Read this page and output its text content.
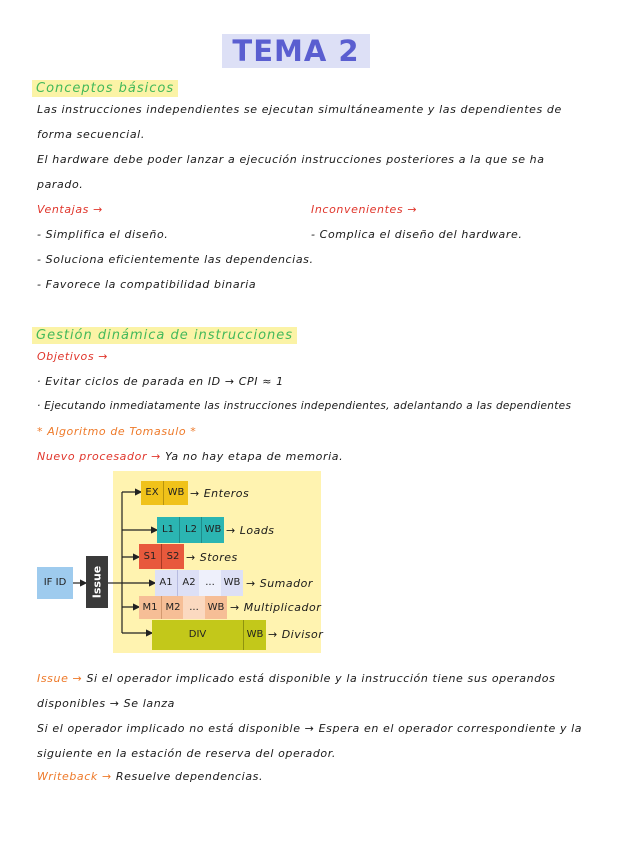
TEMA 2
Conceptos básicos
Las instrucciones independientes se ejecutan simultáneamente y las dependientes de
forma secuencial.
El hardware debe poder lanzar a ejecución instrucciones posteriores a la que se ha
parado.
Ventajas →
- Simplifica el diseño.
- Soluciona eficientemente las dependencias.
- Favorece la compatibilidad binaria
Inconvenientes →
- Complica el diseño del hardware.
Gestión dinámica de instrucciones
Objetivos →
· Evitar ciclos de parada en ID → CPI ≈ 1
· Ejecutando inmediatamente las instrucciones independientes, adelantando a las dependientes
* Algoritmo de Tomasulo *
Nuevo procesador → Ya no hay etapa de memoria.
IF ID	Issue
EX WB
L1	L2 WB
S1	S2
A1 A2 ... WB
M1 M2 ... WB
DIV	WB
→ Enteros
→ Loads
→ Stores
→ Sumador
→ Multiplicador
→ Divisor
Issue → Si el operador implicado está disponible y la instrucción tiene sus operandos
disponibles → Se lanza
Si el operador implicado no está disponible → Espera en el operador correspondiente y la
siguiente en la estación de reserva del operador.
Writeback → Resuelve dependencias.
